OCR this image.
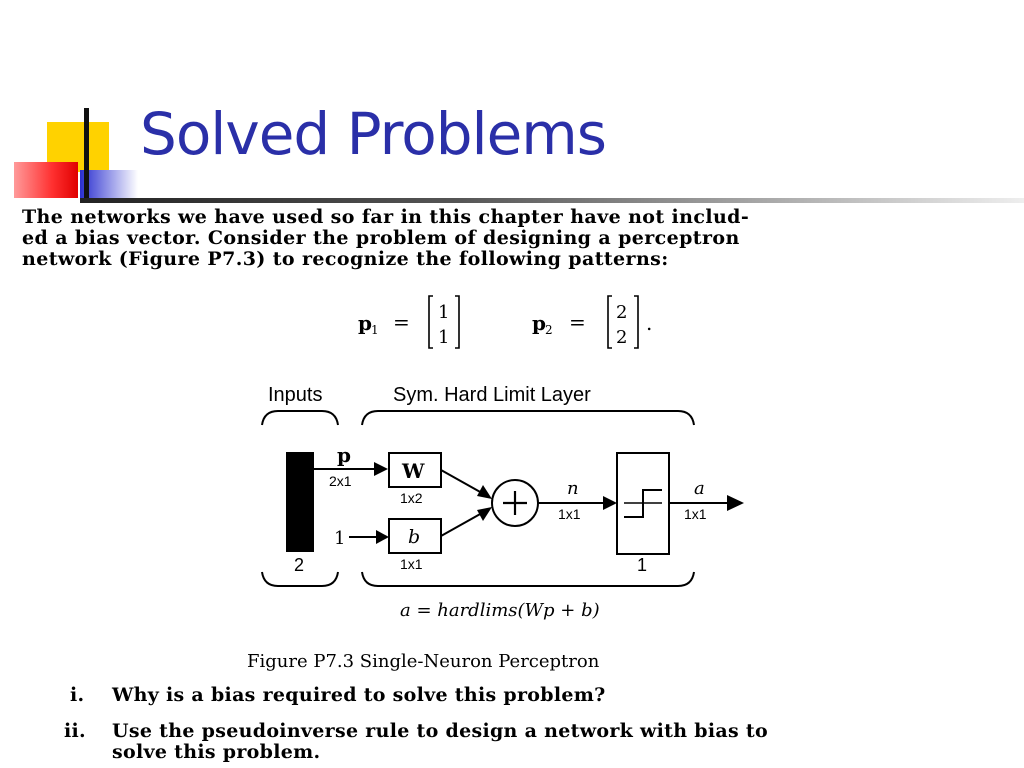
Solved Problems
The networks we have used so far in this chapter have not includ-
ed a bias vector. Consider the problem of designing a perceptron
network (Figure P7.3) to recognize the following patterns:
p 1 = 1
1
p 2 = 2
2
.
Inputs	Sym. Hard Limit Layer
p
2x1	W
1x2
1	b
1x1
n
1x1
a
1x1
2	1
a = hardlims(Wp + b)
Figure P7.3 Single-Neuron Perceptron
i. Why is a bias required to solve this problem?
ii. Use the pseudoinverse rule to design a network with bias to
solve this problem.
